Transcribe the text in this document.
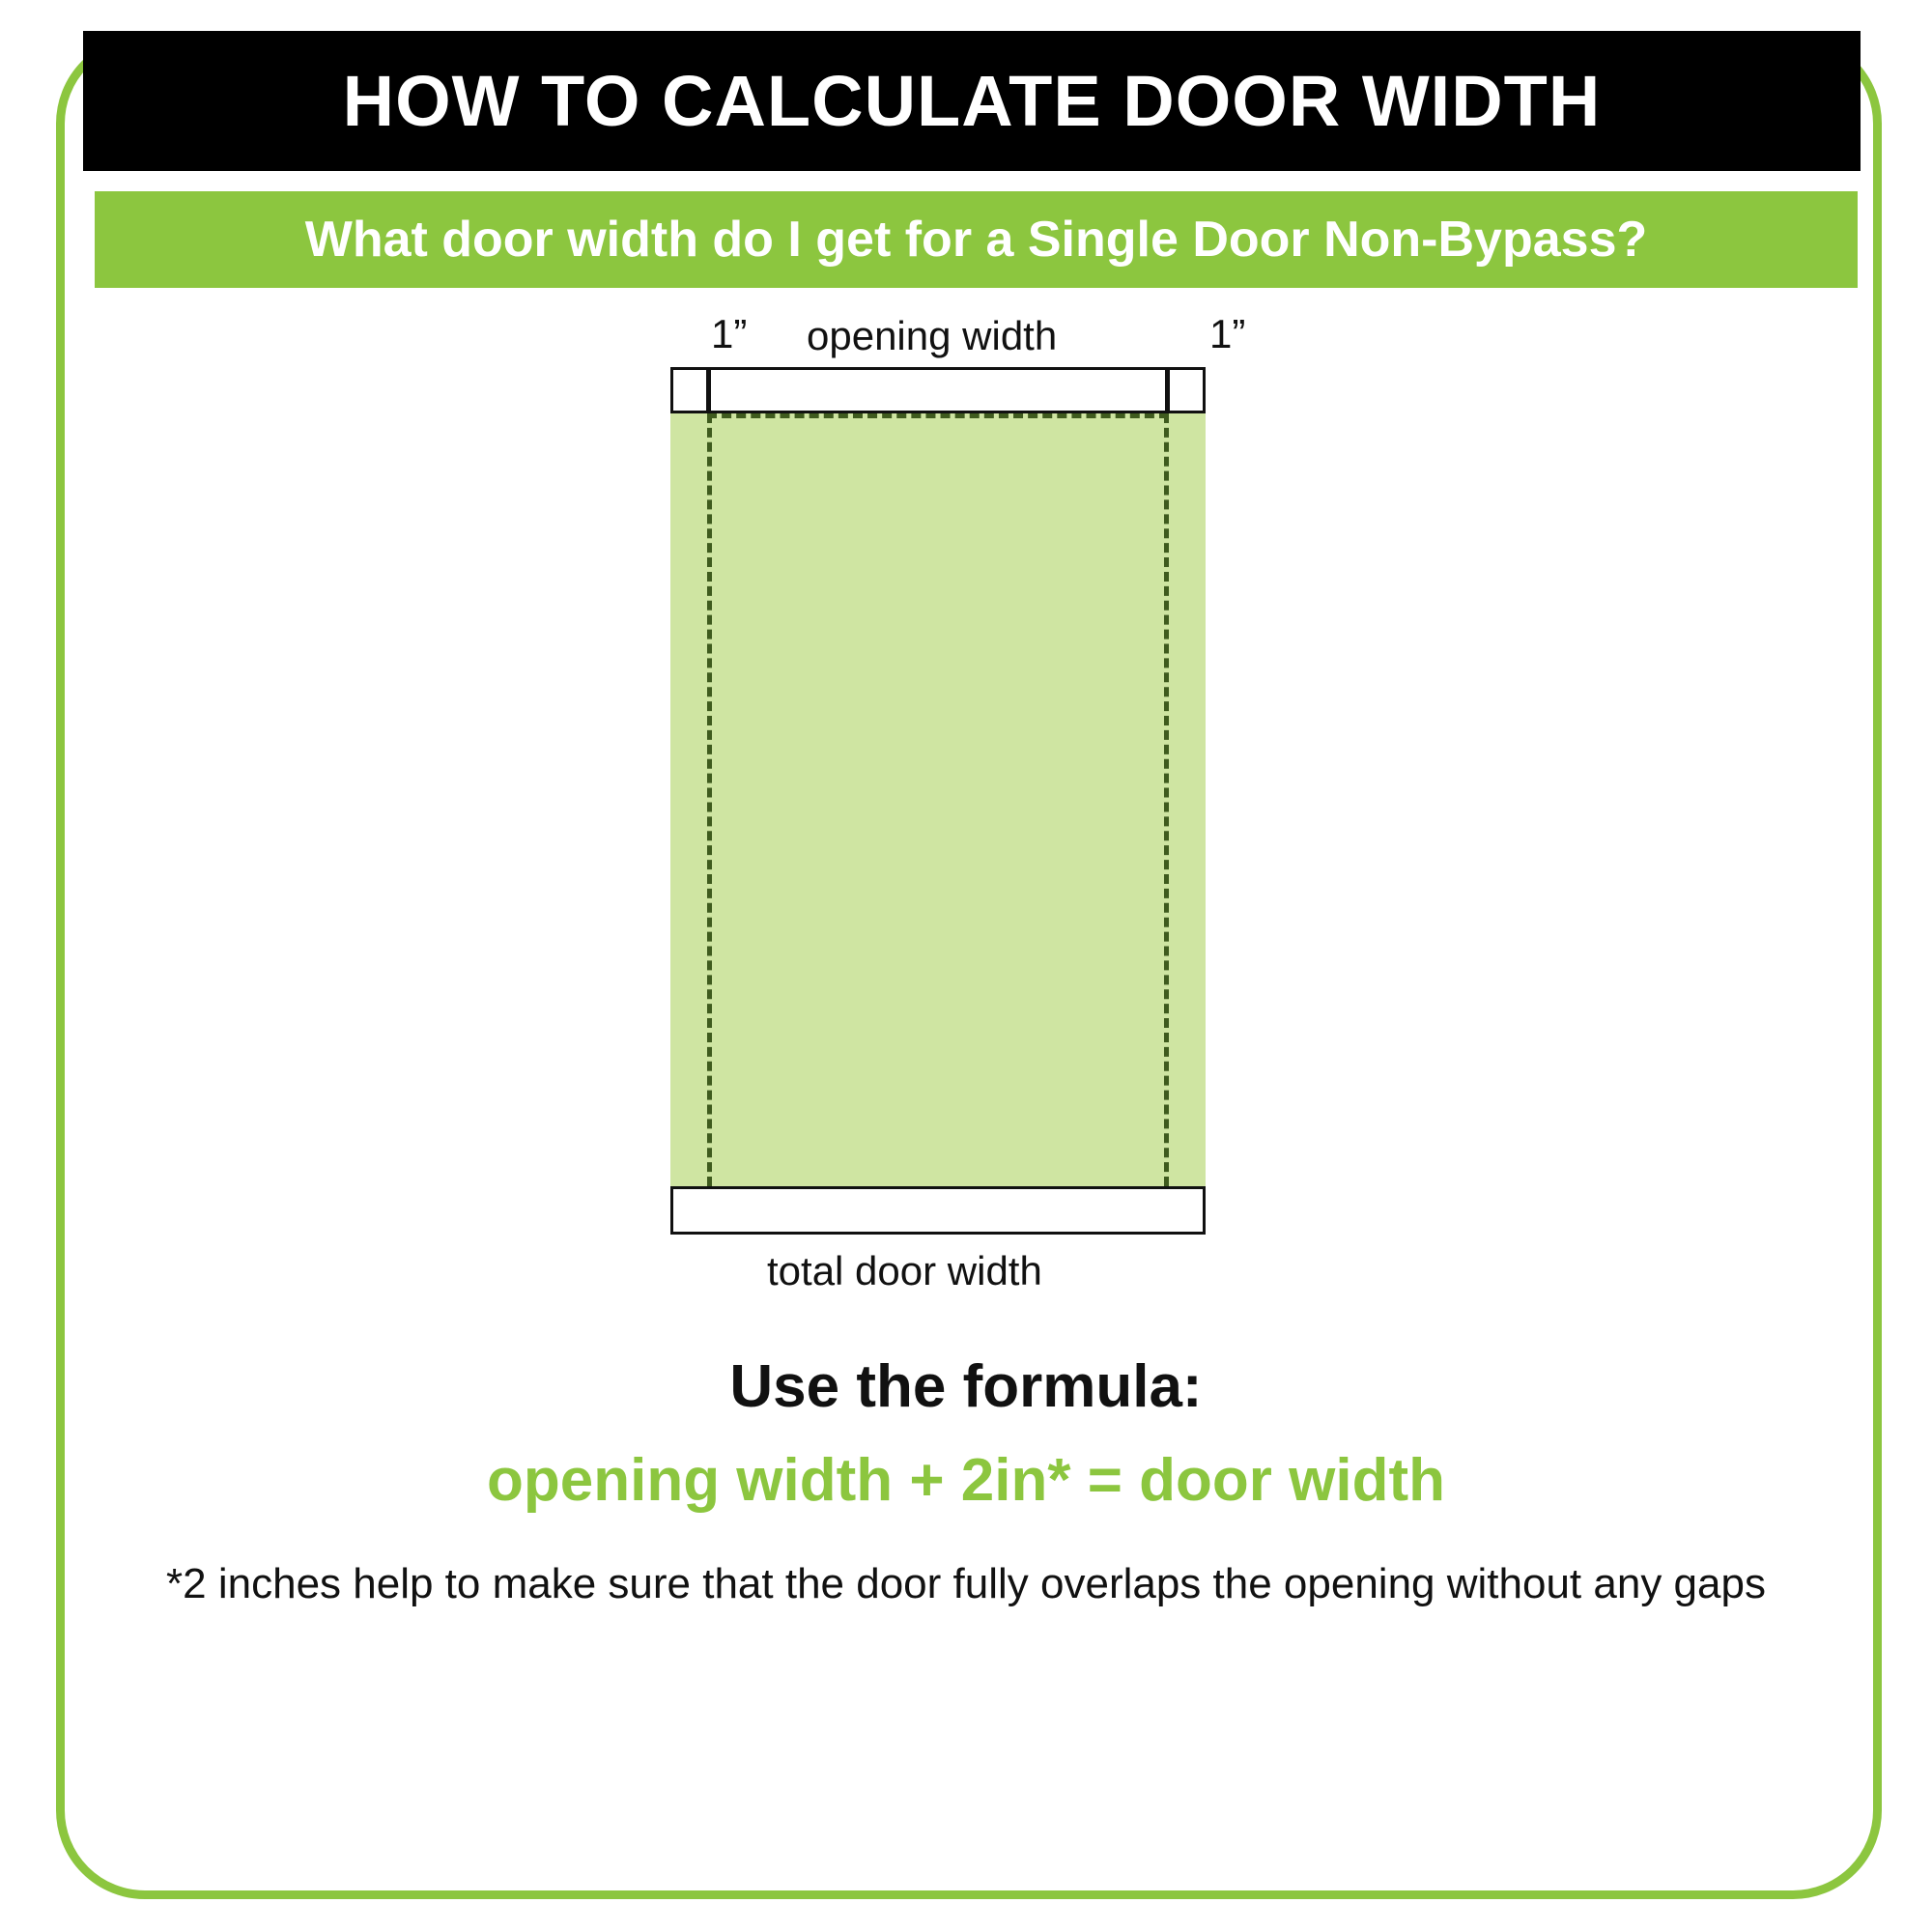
HOW TO CALCULATE DOOR WIDTH
What door width do I get for a Single Door Non-Bypass?
1” opening width	1”
total door width
Use the formula:
opening width + 2in* = door width
*2 inches help to make sure that the door fully overlaps the opening without any gaps
